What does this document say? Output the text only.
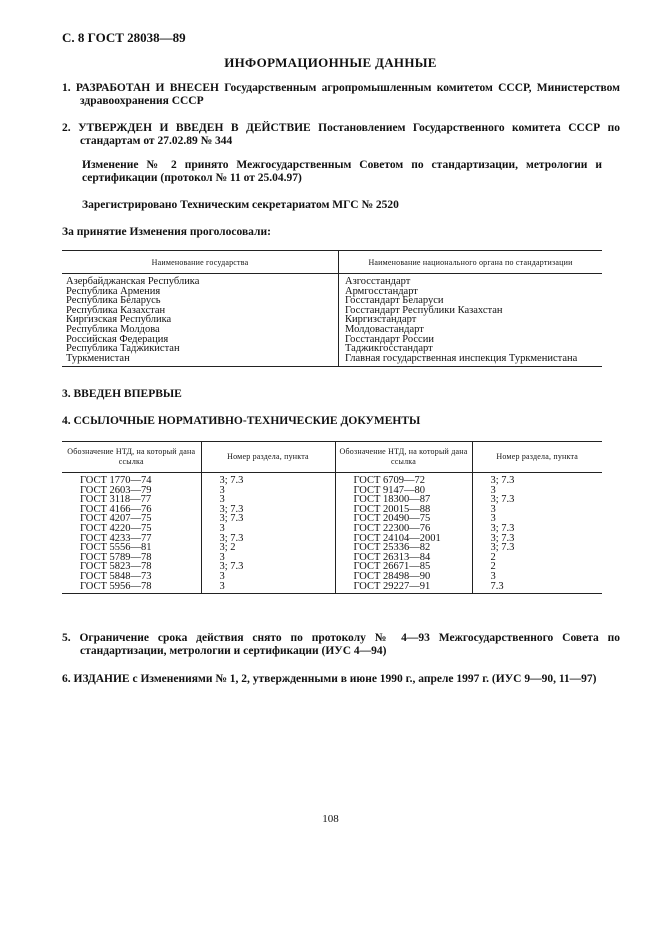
С. 8 ГОСТ 28038—89
ИНФОРМАЦИОННЫЕ ДАННЫЕ
1. РАЗРАБОТАН И ВНЕСЕН Государственным агропромышленным комитетом СССР, Министерством здравоохранения СССР
2. УТВЕРЖДЕН И ВВЕДЕН В ДЕЙСТВИЕ Постановлением Государственного комитета СССР по стандартам от 27.02.89 № 344
Изменение № 2 принято Межгосударственным Советом по стандартизации, метрологии и сертификации (протокол № 11 от 25.04.97)
Зарегистрировано Техническим секретариатом МГС № 2520
За принятие Изменения проголосовали:
Наименование государства	Наименование национального органа по стандартизации
Азербайджанская Республика	Азгосстандарт
Республика Армения	Армгосстандарт
Республика Беларусь	Госстандарт Беларуси
Республика Казахстан	Госстандарт Республики Казахстан
Киргизская Республика	Киргизстандарт
Республика Молдова	Молдовастандарт
Российская Федерация	Госстандарт России
Республика Таджикистан	Таджикгосстандарт
Туркменистан	Главная государственная инспекция Туркменистана
3. ВВЕДЕН ВПЕРВЫЕ
4. ССЫЛОЧНЫЕ НОРМАТИВНО-ТЕХНИЧЕСКИЕ ДОКУМЕНТЫ
Обозначение НТД, на который дана ссылка	Номер раздела, пункта	Обозначение НТД, на который дана ссылка	Номер раздела, пункта
ГОСТ 1770—74	3; 7.3	ГОСТ 6709—72	3; 7.3
ГОСТ 2603—79	3	ГОСТ 9147—80	3
ГОСТ 3118—77	3	ГОСТ 18300—87	3; 7.3
ГОСТ 4166—76	3; 7.3	ГОСТ 20015—88	3
ГОСТ 4207—75	3; 7.3	ГОСТ 20490—75	3
ГОСТ 4220—75	3	ГОСТ 22300—76	3; 7.3
ГОСТ 4233—77	3; 7.3	ГОСТ 24104—2001	3; 7.3
ГОСТ 5556—81	3; 2	ГОСТ 25336—82	3; 7.3
ГОСТ 5789—78	3	ГОСТ 26313—84	2
ГОСТ 5823—78	3; 7.3	ГОСТ 26671—85	2
ГОСТ 5848—73	3	ГОСТ 28498—90	3
ГОСТ 5956—78	3	ГОСТ 29227—91	7.3
5. Ограничение срока действия снято по протоколу № 4—93 Межгосударственного Совета по стандартизации, метрологии и сертификации (ИУС 4—94)
6. ИЗДАНИЕ с Изменениями № 1, 2, утвержденными в июне 1990 г., апреле 1997 г. (ИУС 9—90, 11—97)
108
